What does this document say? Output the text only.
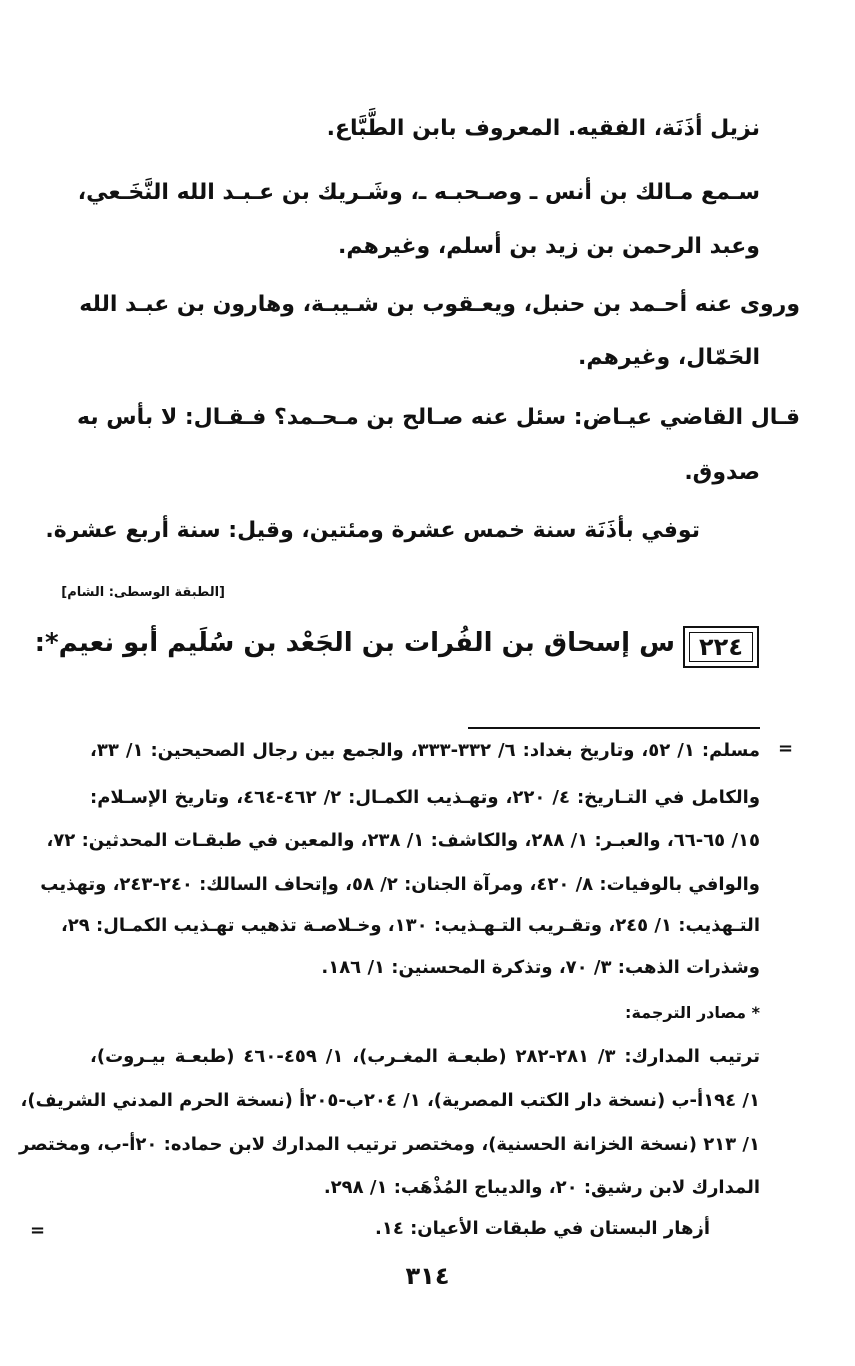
نزيل أذَنَة، الفقيه. المعروف بابن الطَّبَّاع.
سـمع مـالك بن أنس ـ وصـحبـه ـ، وشَـريك بن عـبـد الله النَّخَـعي،
وعبد الرحمن بن زيد بن أسلم، وغيرهم.
وروى عنه أحـمد بن حنبل، ويعـقوب بن شـيبـة، وهارون بن عبـد الله
الحَمّال، وغيرهم.
قـال القاضي عيـاض: سئل عنه صـالح بن مـحـمد؟ فـقـال: لا بأس به
صدوق.
توفي بأذَنَة سنة خمس عشرة ومئتين، وقيل: سنة أربع عشرة.
[الطبقة الوسطى: الشام]
٢٢٤
س إسحاق بن الفُرات بن الجَعْد بن سُلَيم أبو نعيم*:
=
مسلم: ١/ ٥٢، وتاريخ بغداد: ٦/ ٣٣٢-٣٣٣، والجمع بين رجال الصحيحين: ١/ ٣٣،
والكامل في التـاريخ: ٤/ ٢٢٠، وتهـذيب الكمـال: ٢/ ٤٦٢-٤٦٤، وتاريخ الإسـلام:
١٥/ ٦٥-٦٦، والعبـر: ١/ ٢٨٨، والكاشف: ١/ ٢٣٨، والمعين في طبقـات المحدثين: ٧٢،
والوافي بالوفيات: ٨/ ٤٢٠، ومرآة الجنان: ٢/ ٥٨، وإتحاف السالك: ٢٤٠-٢٤٣، وتهذيب
التـهذيب: ١/ ٢٤٥، وتقـريب التـهـذيب: ١٣٠، وخـلاصـة تذهيب تهـذيب الكمـال: ٢٩،
وشذرات الذهب: ٣/ ٧٠، وتذكرة المحسنين: ١/ ١٨٦.
* مصادر الترجمة:
ترتيب المدارك: ٣/ ٢٨١-٢٨٢ (طبعـة المغـرب)، ١/ ٤٥٩-٤٦٠ (طبعـة بيـروت)،
١/ ١٩٤أ-ب (نسخة دار الكتب المصرية)، ١/ ٢٠٤ب-٢٠٥أ (نسخة الحرم المدني الشريف)،
١/ ٢١٣ (نسخة الخزانة الحسنية)، ومختصر ترتيب المدارك لابن حماده: ٢٠أ-ب، ومختصر
المدارك لابن رشيق: ٢٠، والديباج المُذْهَب: ١/ ٢٩٨.
أزهار البستان في طبقات الأعيان: ١٤.
=
٣١٤
